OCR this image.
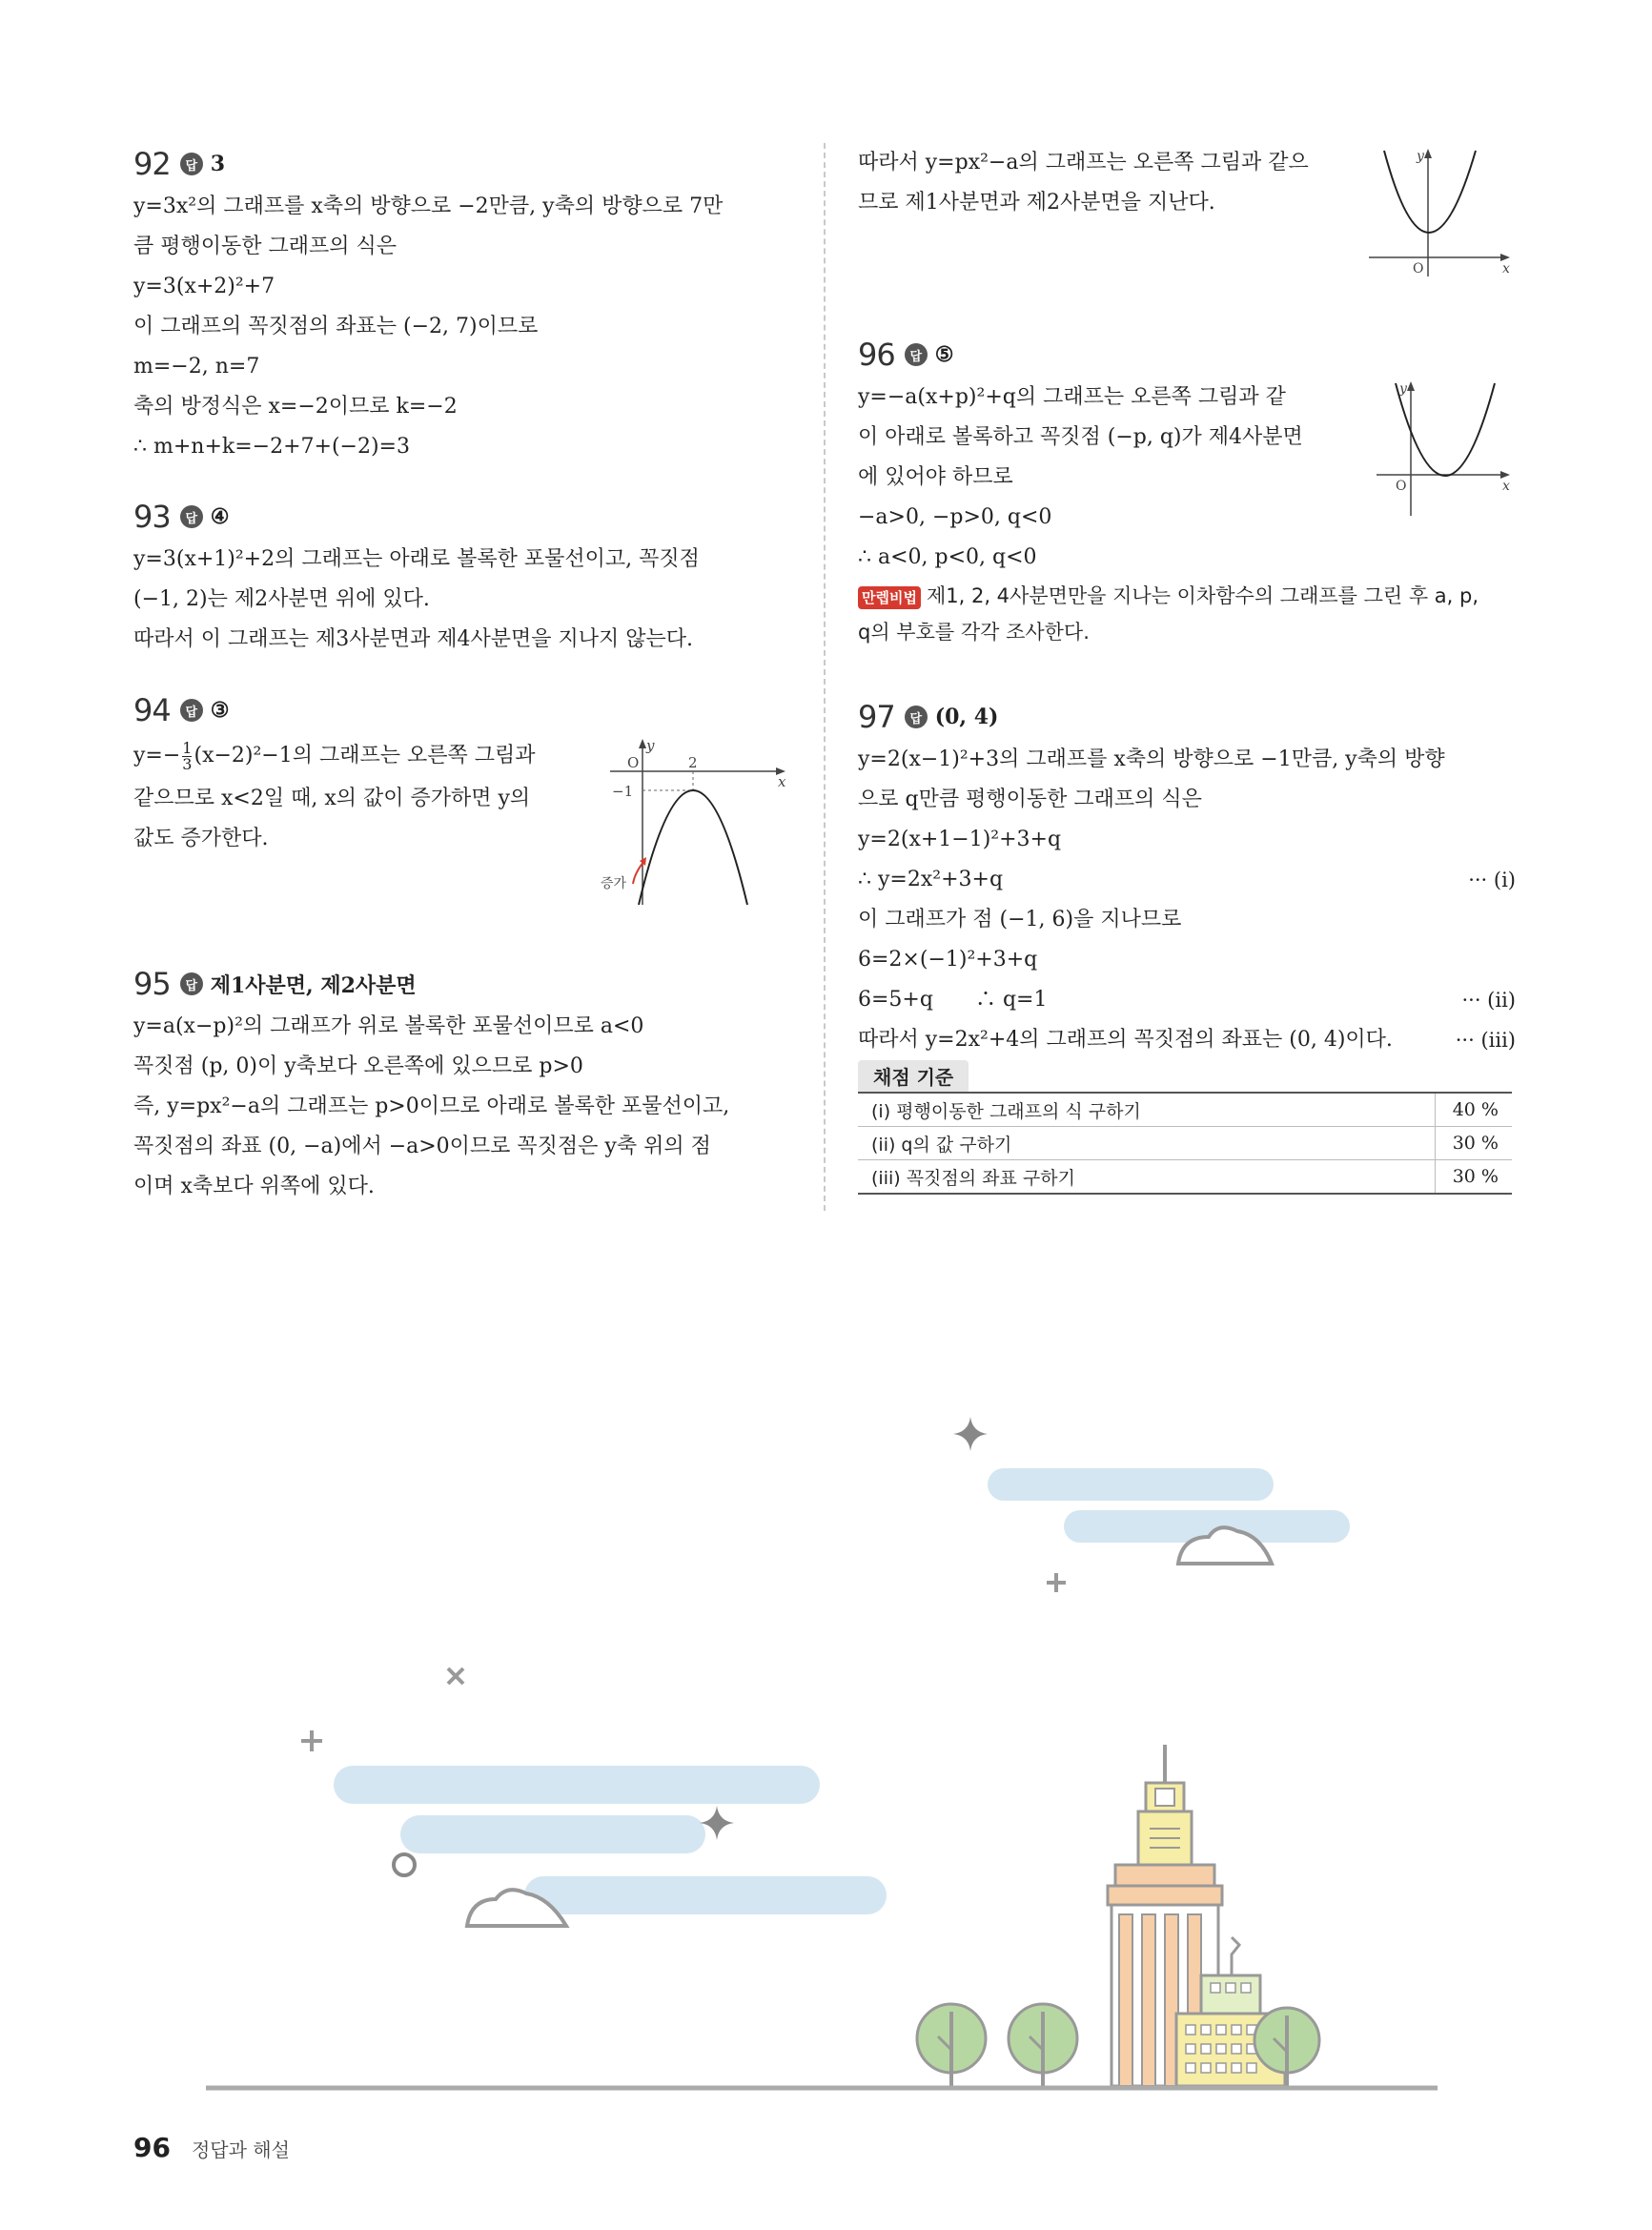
92	답 3
y=3x²의 그래프를 x축의 방향으로 −2만큼, y축의 방향으로 7만
큼 평행이동한 그래프의 식은
y=3(x+2)²+7
이 그래프의 꼭짓점의 좌표는 (−2, 7)이므로
m=−2, n=7
축의 방정식은 x=−2이므로 k=−2
∴ m+n+k=−2+7+(−2)=3
93	답 ④
y=3(x+1)²+2의 그래프는 아래로 볼록한 포물선이고, 꼭짓점
(−1, 2)는 제2사분면 위에 있다.
따라서 이 그래프는 제3사분면과 제4사분면을 지나지 않는다.
94	답 ③
$y=- \frac{1}{3} (x-2)^2-1$의 그래프는 오른쪽 그림과
같으므로 x<2일 때, x의 값이 증가하면 y의
값도 증가한다.
y
x
O	2
−1
증가
95	답 제1사분면, 제2사분면
y=a(x−p)²의 그래프가 위로 볼록한 포물선이므로 a<0
꼭짓점 (p, 0)이 y축보다 오른쪽에 있으므로 p>0
즉, y=px²−a의 그래프는 p>0이므로 아래로 볼록한 포물선이고,
꼭짓점의 좌표 (0, −a)에서 −a>0이므로 꼭짓점은 y축 위의 점
이며 x축보다 위쪽에 있다.
따라서 y=px²−a의 그래프는 오른쪽 그림과 같으
므로 제1사분면과 제2사분면을 지난다.
y
x
O
96	답 ⑤
y=−a(x+p)²+q의 그래프는 오른쪽 그림과 같
이 아래로 볼록하고 꼭짓점 (−p, q)가 제4사분면
에 있어야 하므로
−a>0, −p>0, q<0
∴ a<0, p<0, q<0
만렙비법 제1, 2, 4사분면만을 지나는 이차함수의 그래프를 그린 후 a, p,
q의 부호를 각각 조사한다.
y
x
O
97	답 (0, 4)
y=2(x−1)²+3의 그래프를 x축의 방향으로 −1만큼, y축의 방향
으로 q만큼 평행이동한 그래프의 식은
y=2(x+1−1)²+3+q
∴ y=2x²+3+q	··· (i)
이 그래프가 점 (−1, 6)을 지나므로
6=2×(−1)²+3+q
6=5+q　　∴ q=1	··· (ii)
따라서 y=2x²+4의 그래프의 꼭짓점의 좌표는 (0, 4)이다.	··· (iii)
채점 기준
(i) 평행이동한 그래프의 식 구하기	40 %
(ii) q의 값 구하기	30 %
(iii) 꼭짓점의 좌표 구하기	30 %
96 정답과 해설
